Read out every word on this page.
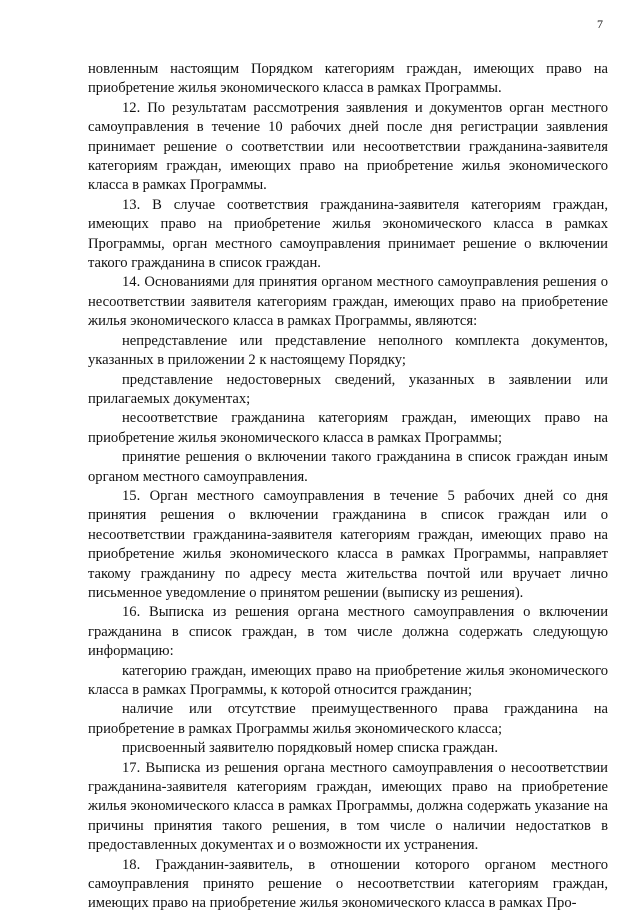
7

новленным настоящим Порядком категориям граждан, имеющих право на приобретение жилья экономического класса в рамках Программы.

12. По результатам рассмотрения заявления и документов орган местного самоуправления в течение 10 рабочих дней после дня регистрации заявления принимает решение о соответствии или несоответствии гражданина-заявителя категориям граждан, имеющих право на приобретение жилья экономического класса в рамках Программы.

13. В случае соответствия гражданина-заявителя категориям граждан, имеющих право на приобретение жилья экономического класса в рамках Программы, орган местного самоуправления принимает решение о включении такого гражданина в список граждан.

14. Основаниями для принятия органом местного самоуправления решения о несоответствии заявителя категориям граждан, имеющих право на приобретение жилья экономического класса в рамках Программы, являются:

непредставление или представление неполного комплекта документов, указанных в приложении 2 к настоящему Порядку;

представление недостоверных сведений, указанных в заявлении или прилагаемых документах;

несоответствие гражданина категориям граждан, имеющих право на приобретение жилья экономического класса в рамках Программы;

принятие решения о включении такого гражданина в список граждан иным органом местного самоуправления.

15. Орган местного самоуправления в течение 5 рабочих дней со дня принятия решения о включении гражданина в список граждан или о несоответствии гражданина-заявителя категориям граждан, имеющих право на приобретение жилья экономического класса в рамках Программы, направляет такому гражданину по адресу места жительства почтой или вручает лично письменное уведомление о принятом решении (выписку из решения).

16. Выписка из решения органа местного самоуправления о включении гражданина в список граждан, в том числе должна содержать следующую информацию:

категорию граждан, имеющих право на приобретение жилья экономического класса в рамках Программы, к которой относится гражданин;

наличие или отсутствие преимущественного права гражданина на приобретение в рамках Программы жилья экономического класса;

присвоенный заявителю порядковый номер списка граждан.

17. Выписка из решения органа местного самоуправления о несоответствии гражданина-заявителя категориям граждан, имеющих право на приобретение жилья экономического класса в рамках Программы, должна содержать указание на причины принятия такого решения, в том числе о наличии недостатков в предоставленных документах и о возможности их устранения.

18. Гражданин-заявитель, в отношении которого органом местного самоуправления принято решение о несоответствии категориям граждан, имеющих право на приобретение жилья экономического класса в рамках Про-
